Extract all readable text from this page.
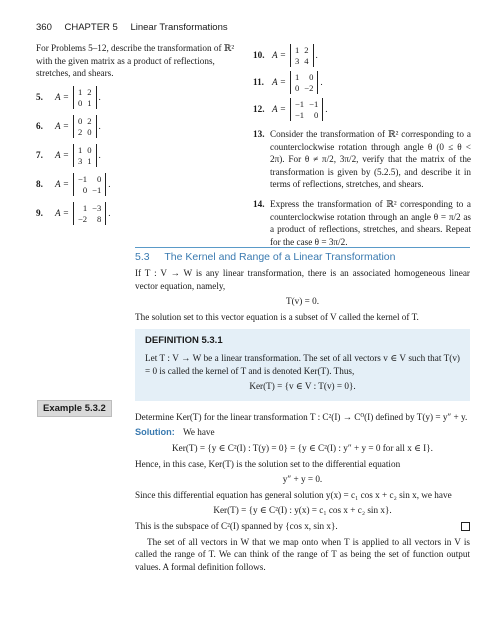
360 CHAPTER 5 Linear Transformations
For Problems 5–12, describe the transformation of ℝ² with the given matrix as a product of reflections, stretches, and shears.
5.	A =
1 2
0 1
.
6.	A =
0 2
2 0
.
7.	A =
1 0
3 1
.
8.	A =
−1	0
0 −1
.
9.	A =
1 −3
−2	8
.
10. A =
1 2
3 4
.
11. A =
1	0
0 −2
.
12. A =
−1 −1
−1	0
.
13. Consider the transformation of ℝ² corresponding to a counterclockwise rotation through angle θ (0 ≤ θ < 2π). For θ ≠ π/2, 3π/2, verify that the matrix of the transformation is given by (5.2.5), and describe it in terms of reflections, stretches, and shears.
14. Express the transformation of ℝ² corresponding to a counterclockwise rotation through an angle θ = π/2 as a product of reflections, stretches, and shears. Repeat for the case θ = 3π/2.
5.3 The Kernel and Range of a Linear Transformation

If T : V → W is any linear transformation, there is an associated homogeneous linear vector equation, namely,

T(v) = 0.

The solution set to this vector equation is a subset of V called the kernel of T.

DEFINITION 5.3.1

Let T : V → W be a linear transformation. The set of all vectors v ∈ V such that T(v) = 0 is called the kernel of T and is denoted Ker(T). Thus,

Ker(T) = {v ∈ V : T(v) = 0}.

Determine Ker(T) for the linear transformation T : C²(I) → C⁰(I) defined by T(y) = y″ + y.

Solution: We have

Ker(T) = {y ∈ C²(I) : T(y) = 0} = {y ∈ C²(I) : y″ + y = 0 for all x ∈ I}.

Hence, in this case, Ker(T) is the solution set to the differential equation

y″ + y = 0.

Since this differential equation has general solution y(x) = c₁ cos x + c₂ sin x, we have

Ker(T) = {y ∈ C²(I) : y(x) = c₁ cos x + c₂ sin x}.

This is the subspace of C²(I) spanned by {cos x, sin x}.

The set of all vectors in W that we map onto when T is applied to all vectors in V is called the range of T. We can think of the range of T as being the set of function output values. A formal definition follows.

Example 5.3.2
